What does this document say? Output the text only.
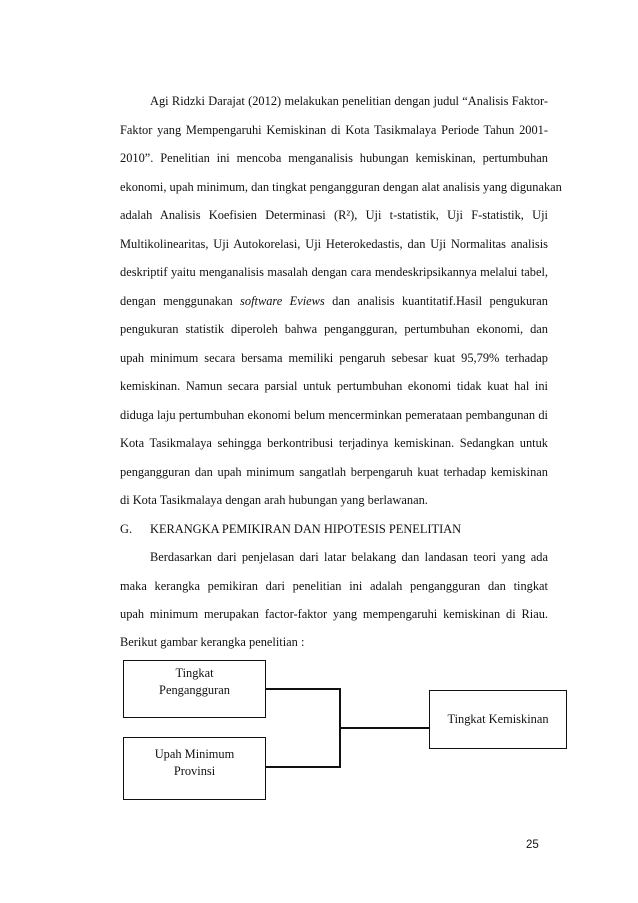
Agi Ridzki Darajat (2012) melakukan penelitian dengan judul “Analisis Faktor-
Faktor yang Mempengaruhi Kemiskinan di Kota Tasikmalaya Periode Tahun 2001-
2010”. Penelitian ini mencoba menganalisis hubungan kemiskinan, pertumbuhan
ekonomi, upah minimum, dan tingkat pengangguran dengan alat analisis yang digunakan
adalah Analisis Koefisien Determinasi (R²), Uji t-statistik, Uji F-statistik, Uji
Multikolinearitas, Uji Autokorelasi, Uji Heterokedastis, dan Uji Normalitas analisis
deskriptif yaitu menganalisis masalah dengan cara mendeskripsikannya melalui tabel,
dengan menggunakan software Eviews dan analisis kuantitatif.Hasil pengukuran
pengukuran statistik diperoleh bahwa pengangguran, pertumbuhan ekonomi, dan
upah minimum secara bersama memiliki pengaruh sebesar kuat 95,79% terhadap
kemiskinan. Namun secara parsial untuk pertumbuhan ekonomi tidak kuat hal ini
diduga laju pertumbuhan ekonomi belum mencerminkan pemerataan pembangunan di
Kota Tasikmalaya sehingga berkontribusi terjadinya kemiskinan. Sedangkan untuk
pengangguran dan upah minimum sangatlah berpengaruh kuat terhadap kemiskinan
di Kota Tasikmalaya dengan arah hubungan yang berlawanan.
G. KERANGKA PEMIKIRAN DAN HIPOTESIS PENELITIAN
Berdasarkan dari penjelasan dari latar belakang dan landasan teori yang ada
maka kerangka pemikiran dari penelitian ini adalah pengangguran dan tingkat
upah minimum merupakan factor-faktor yang mempengaruhi kemiskinan di Riau.
Berikut gambar kerangka penelitian :
Tingkat
Pengangguran
Upah Minimum
Provinsi
Tingkat Kemiskinan
25
